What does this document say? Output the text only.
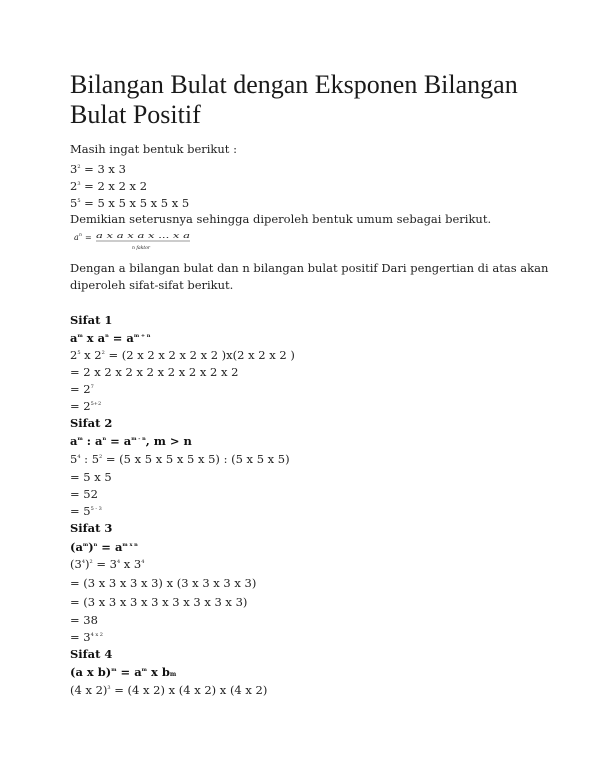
Bilangan Bulat dengan Eksponen Bilangan Bulat Positif
Masih ingat bentuk berikut :
$3^2 = 3$ x 3
$2^3 = 2$ x 2 x 2
$5^5 = 5$ x 5 x 5 x 5 x 5
Demikian seterusnya sehingga diperoleh bentuk umum sebagai berikut.
a n = a x a x a x ... x a
n faktor
Dengan a bilangan bulat dan n bilangan bulat positif Dari pengertian di atas akan
diperoleh sifat-sifat berikut.
Sifat 1
$a^m$ x $a^n = a^{m + n}$
$2^5$ x $2^2 = (2$ x 2 x 2 x 2 x 2 )x(2 x 2 x 2 )
= 2 x 2 x 2 x 2 x 2 x 2 x 2 x 2
= $2^7$
= $2^{5+2}$
Sifat 2
$a^m$ : $a^n = a^{m - n}$, m > n
$5^4$ : $5^2 = (5$ x 5 x 5 x 5 x 5) : (5 x 5 x 5)
= 5 x 5
= 52
= $5^{5 - 3}$
Sifat 3
$(a^m)^n = a^{m x n}$
$(3^4)^2 = 3^4$ x $3^4$
= (3 x 3 x 3 x 3) x (3 x 3 x 3 x 3)
= (3 x 3 x 3 x 3 x 3 x 3 x 3 x 3)
= 38
= $3^{4 x 2}$
Sifat 4
(a x $b)^m = a^m$ x bm
(4 x 2)$^3$ = (4 x 2) x (4 x 2) x (4 x 2)
